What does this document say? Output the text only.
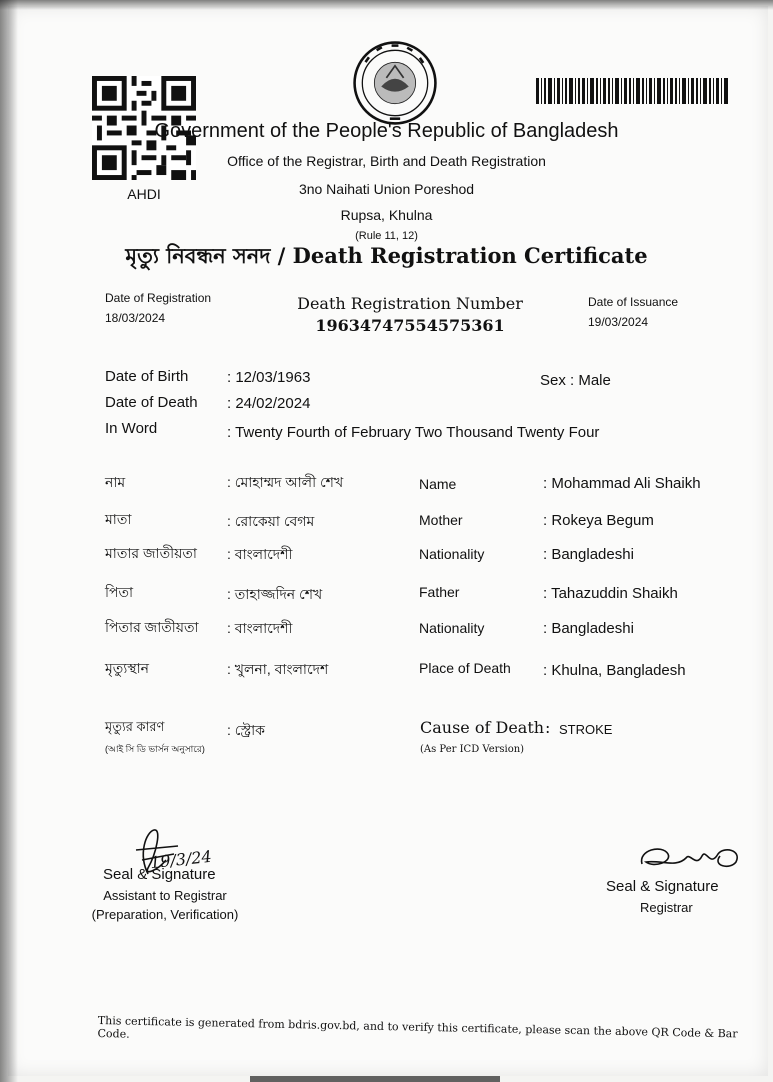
AHDI
Government of the People's Republic of Bangladesh
Office of the Registrar, Birth and Death Registration
3no Naihati Union Poreshod
Rupsa, Khulna
(Rule 11, 12)
মৃত্যু নিবন্ধন সনদ / Death Registration Certificate
Date of Registration
18/03/2024
Death Registration Number
19634747554575361
Date of Issuance
19/03/2024
Date of Birth	: 12/03/1963	Sex : Male
Date of Death : 24/02/2024
In Word	: Twenty Fourth of February Two Thousand Twenty Four
নাম	: মোহাম্মদ আলী শেখ	Name	: Mohammad Ali Shaikh
মাতা	: রোকেয়া বেগম	Mother	: Rokeya Begum
মাতার জাতীয়তা : বাংলাদেশী	Nationality	: Bangladeshi
পিতা	: তাহাজ্জদিন শেখ	Father	: Tahazuddin Shaikh
পিতার জাতীয়তা : বাংলাদেশী	Nationality	: Bangladeshi
মৃত্যুস্থান	: খুলনা, বাংলাদেশ	Place of Death : Khulna, Bangladesh
মৃত্যুর কারণ
(আই সি ডি ভার্সন অনুসারে)
: স্ট্রোক	Cause of Death : STROKE
(As Per ICD Version)
19/3/24
Seal & Signature
Assistant to Registrar
(Preparation, Verification)
Seal & Signature
Registrar
This certificate is generated from bdris.gov.bd, and to verify this certificate, please scan the above QR Code & Bar Code.
